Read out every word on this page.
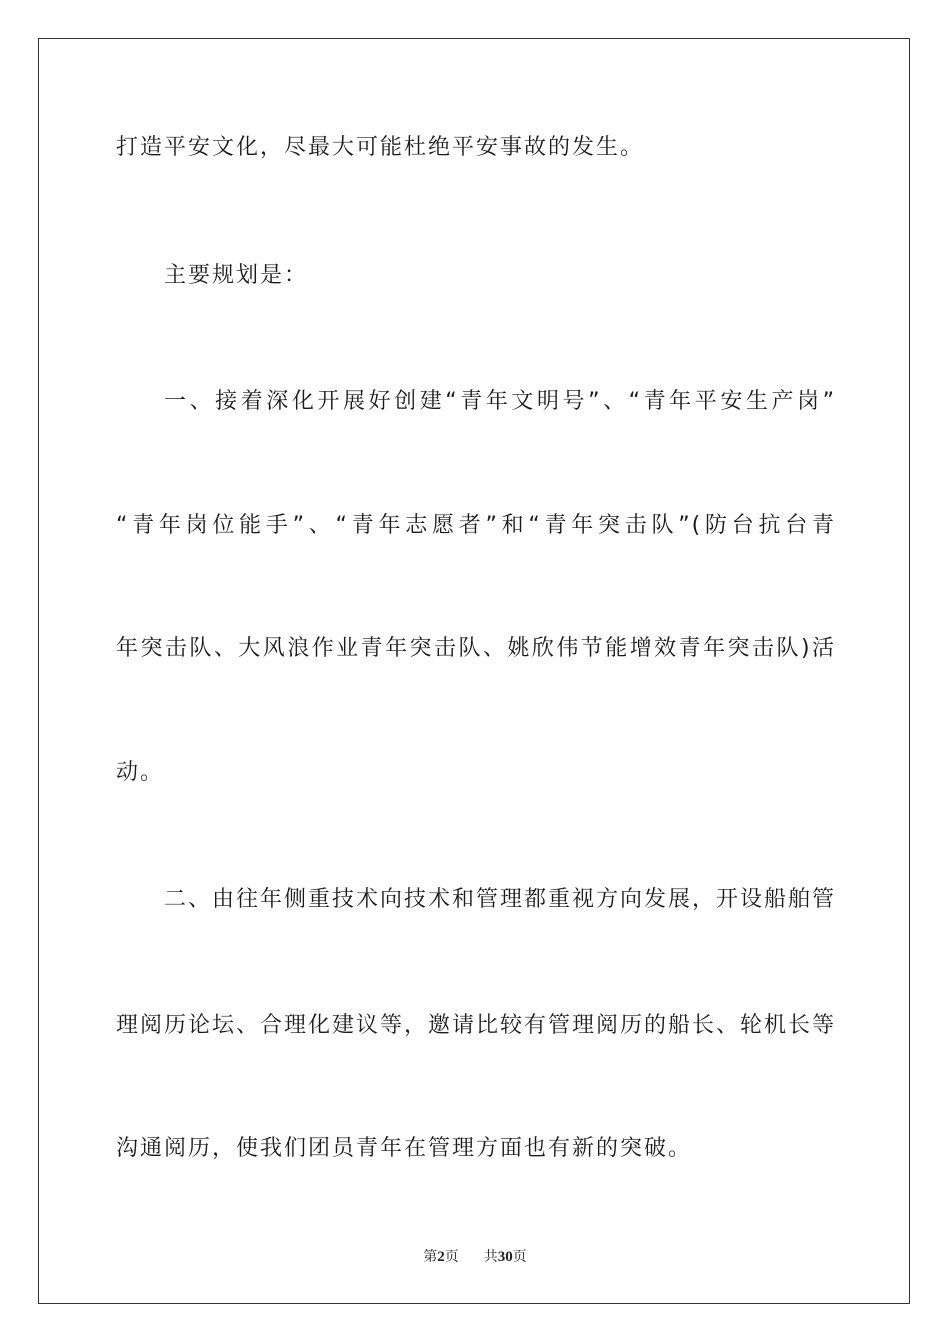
打造平安文化，尽最大可能杜绝平安事故的发生。
主要规划是：
一、接着深化开展好创建“青年文明号”、“青年平安生产岗”
“青年岗位能手”、“青年志愿者”和“青年突击队”(防台抗台青
年突击队、大风浪作业青年突击队、姚欣伟节能增效青年突击队)活
动。
二、由往年侧重技术向技术和管理都重视方向发展，开设船舶管
理阅历论坛、合理化建议等，邀请比较有管理阅历的船长、轮机长等
沟通阅历，使我们团员青年在管理方面也有新的突破。
第2页 共30页
